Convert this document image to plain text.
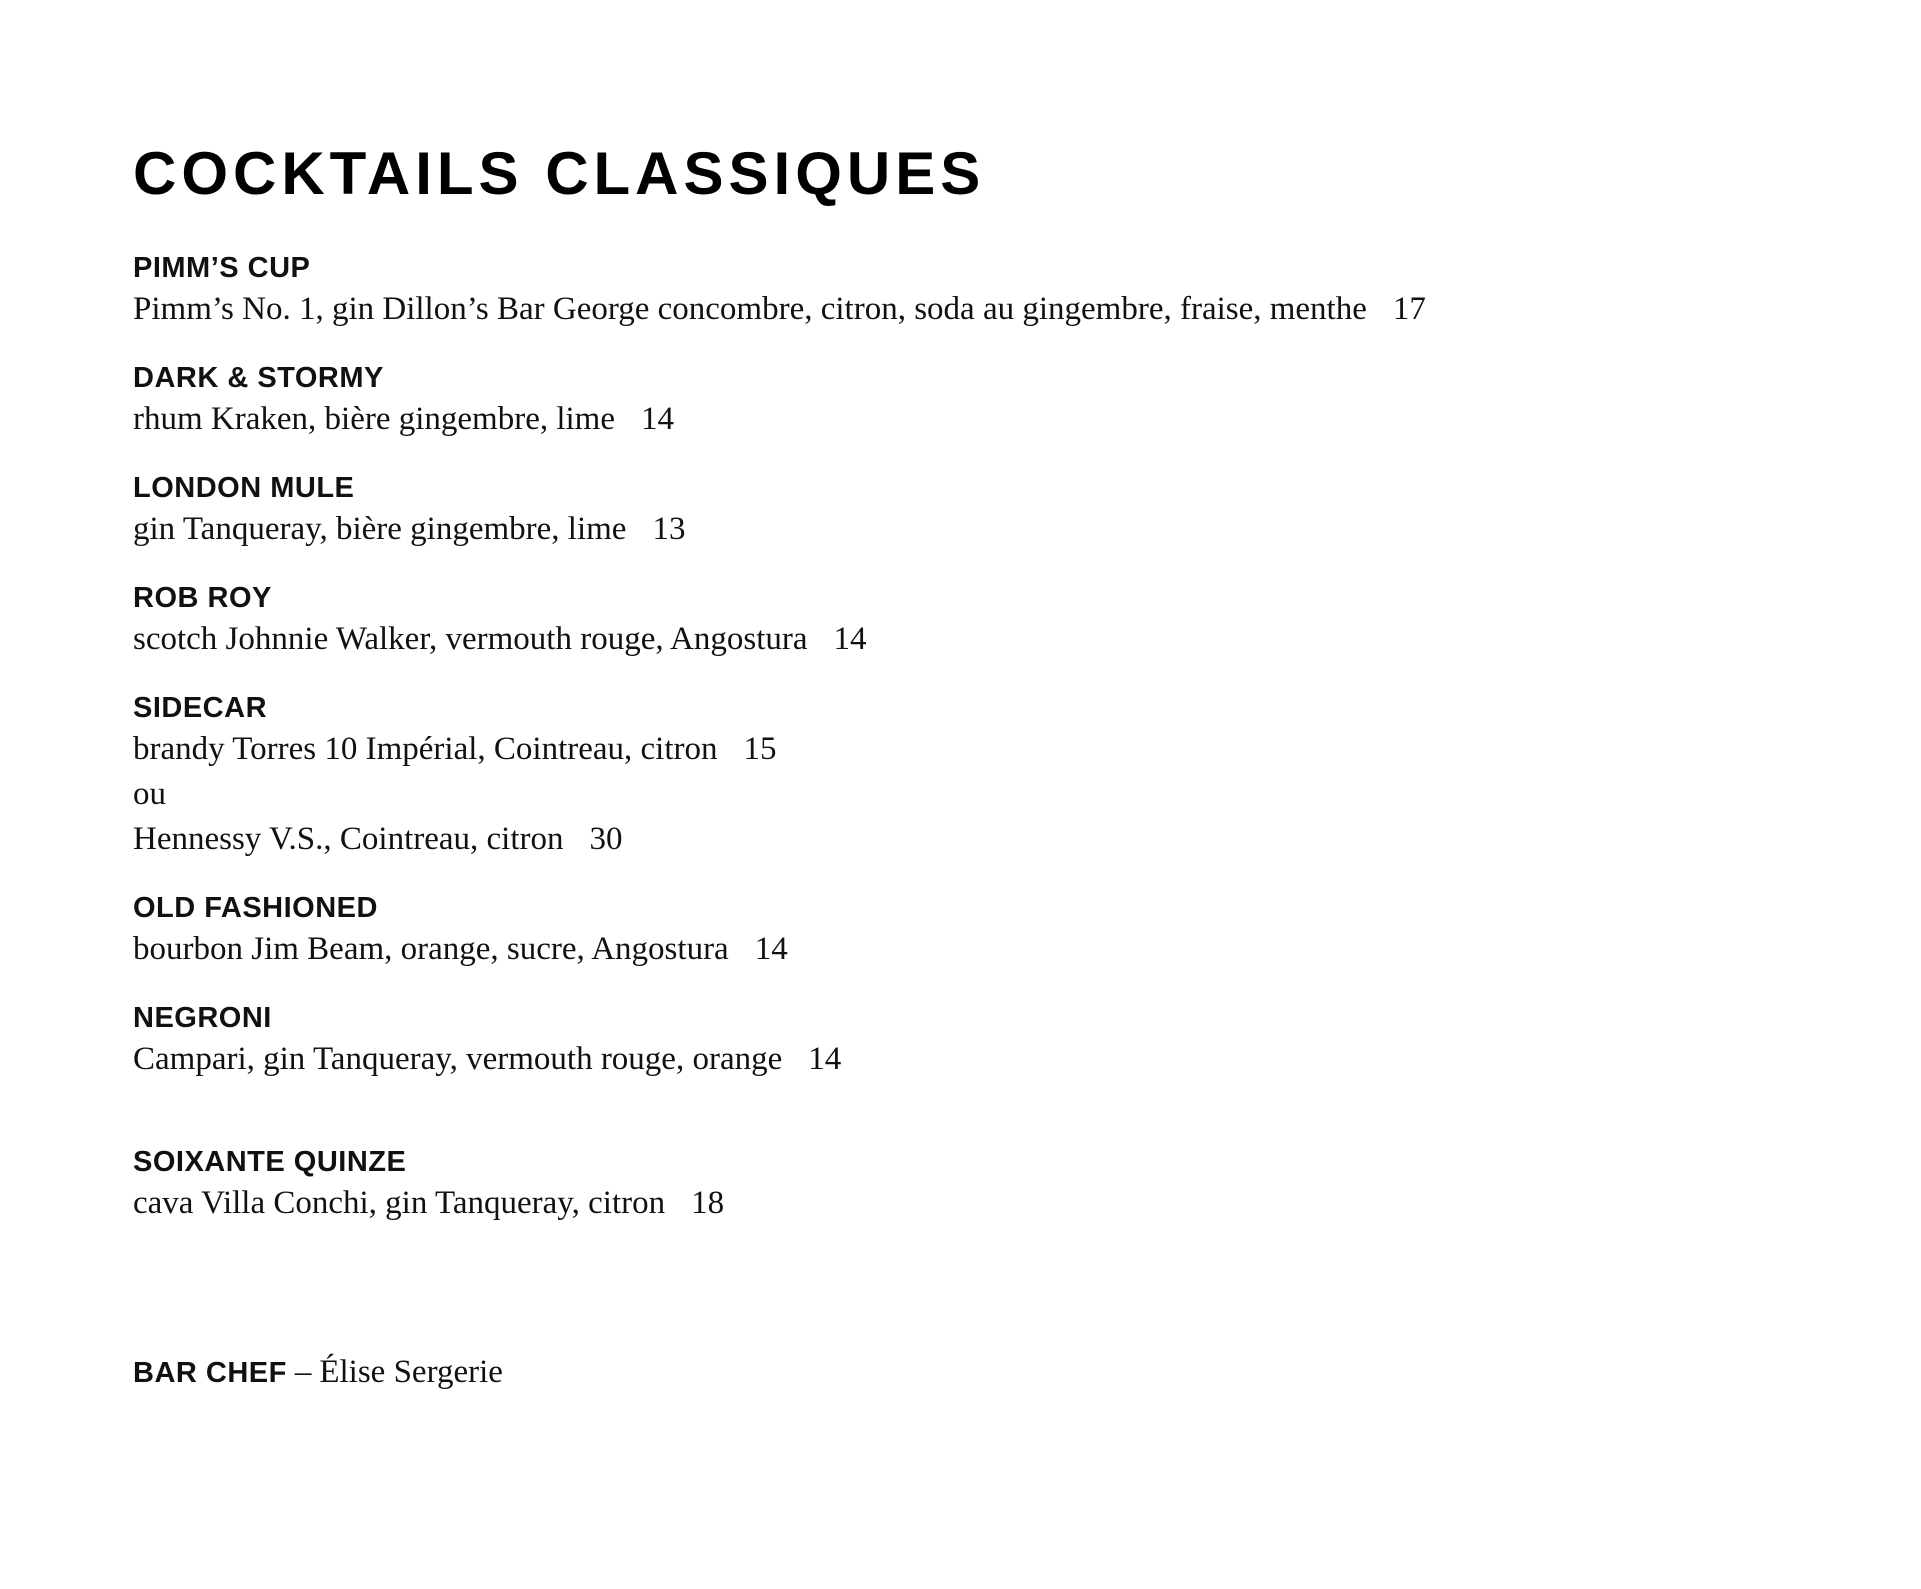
COCKTAILS CLASSIQUES
PIMM’S CUP
Pimm’s No. 1, gin Dillon’s Bar George concombre, citron, soda au gingembre, fraise, menthe 17
DARK & STORMY
rhum Kraken, bière gingembre, lime 14
LONDON MULE
gin Tanqueray, bière gingembre, lime 13
ROB ROY
scotch Johnnie Walker, vermouth rouge, Angostura 14
SIDECAR
brandy Torres 10 Impérial, Cointreau, citron 15
ou
Hennessy V.S., Cointreau, citron 30
OLD FASHIONED
bourbon Jim Beam, orange, sucre, Angostura 14
NEGRONI
Campari, gin Tanqueray, vermouth rouge, orange 14
SOIXANTE QUINZE
cava Villa Conchi, gin Tanqueray, citron 18
BAR CHEF – Élise Sergerie
